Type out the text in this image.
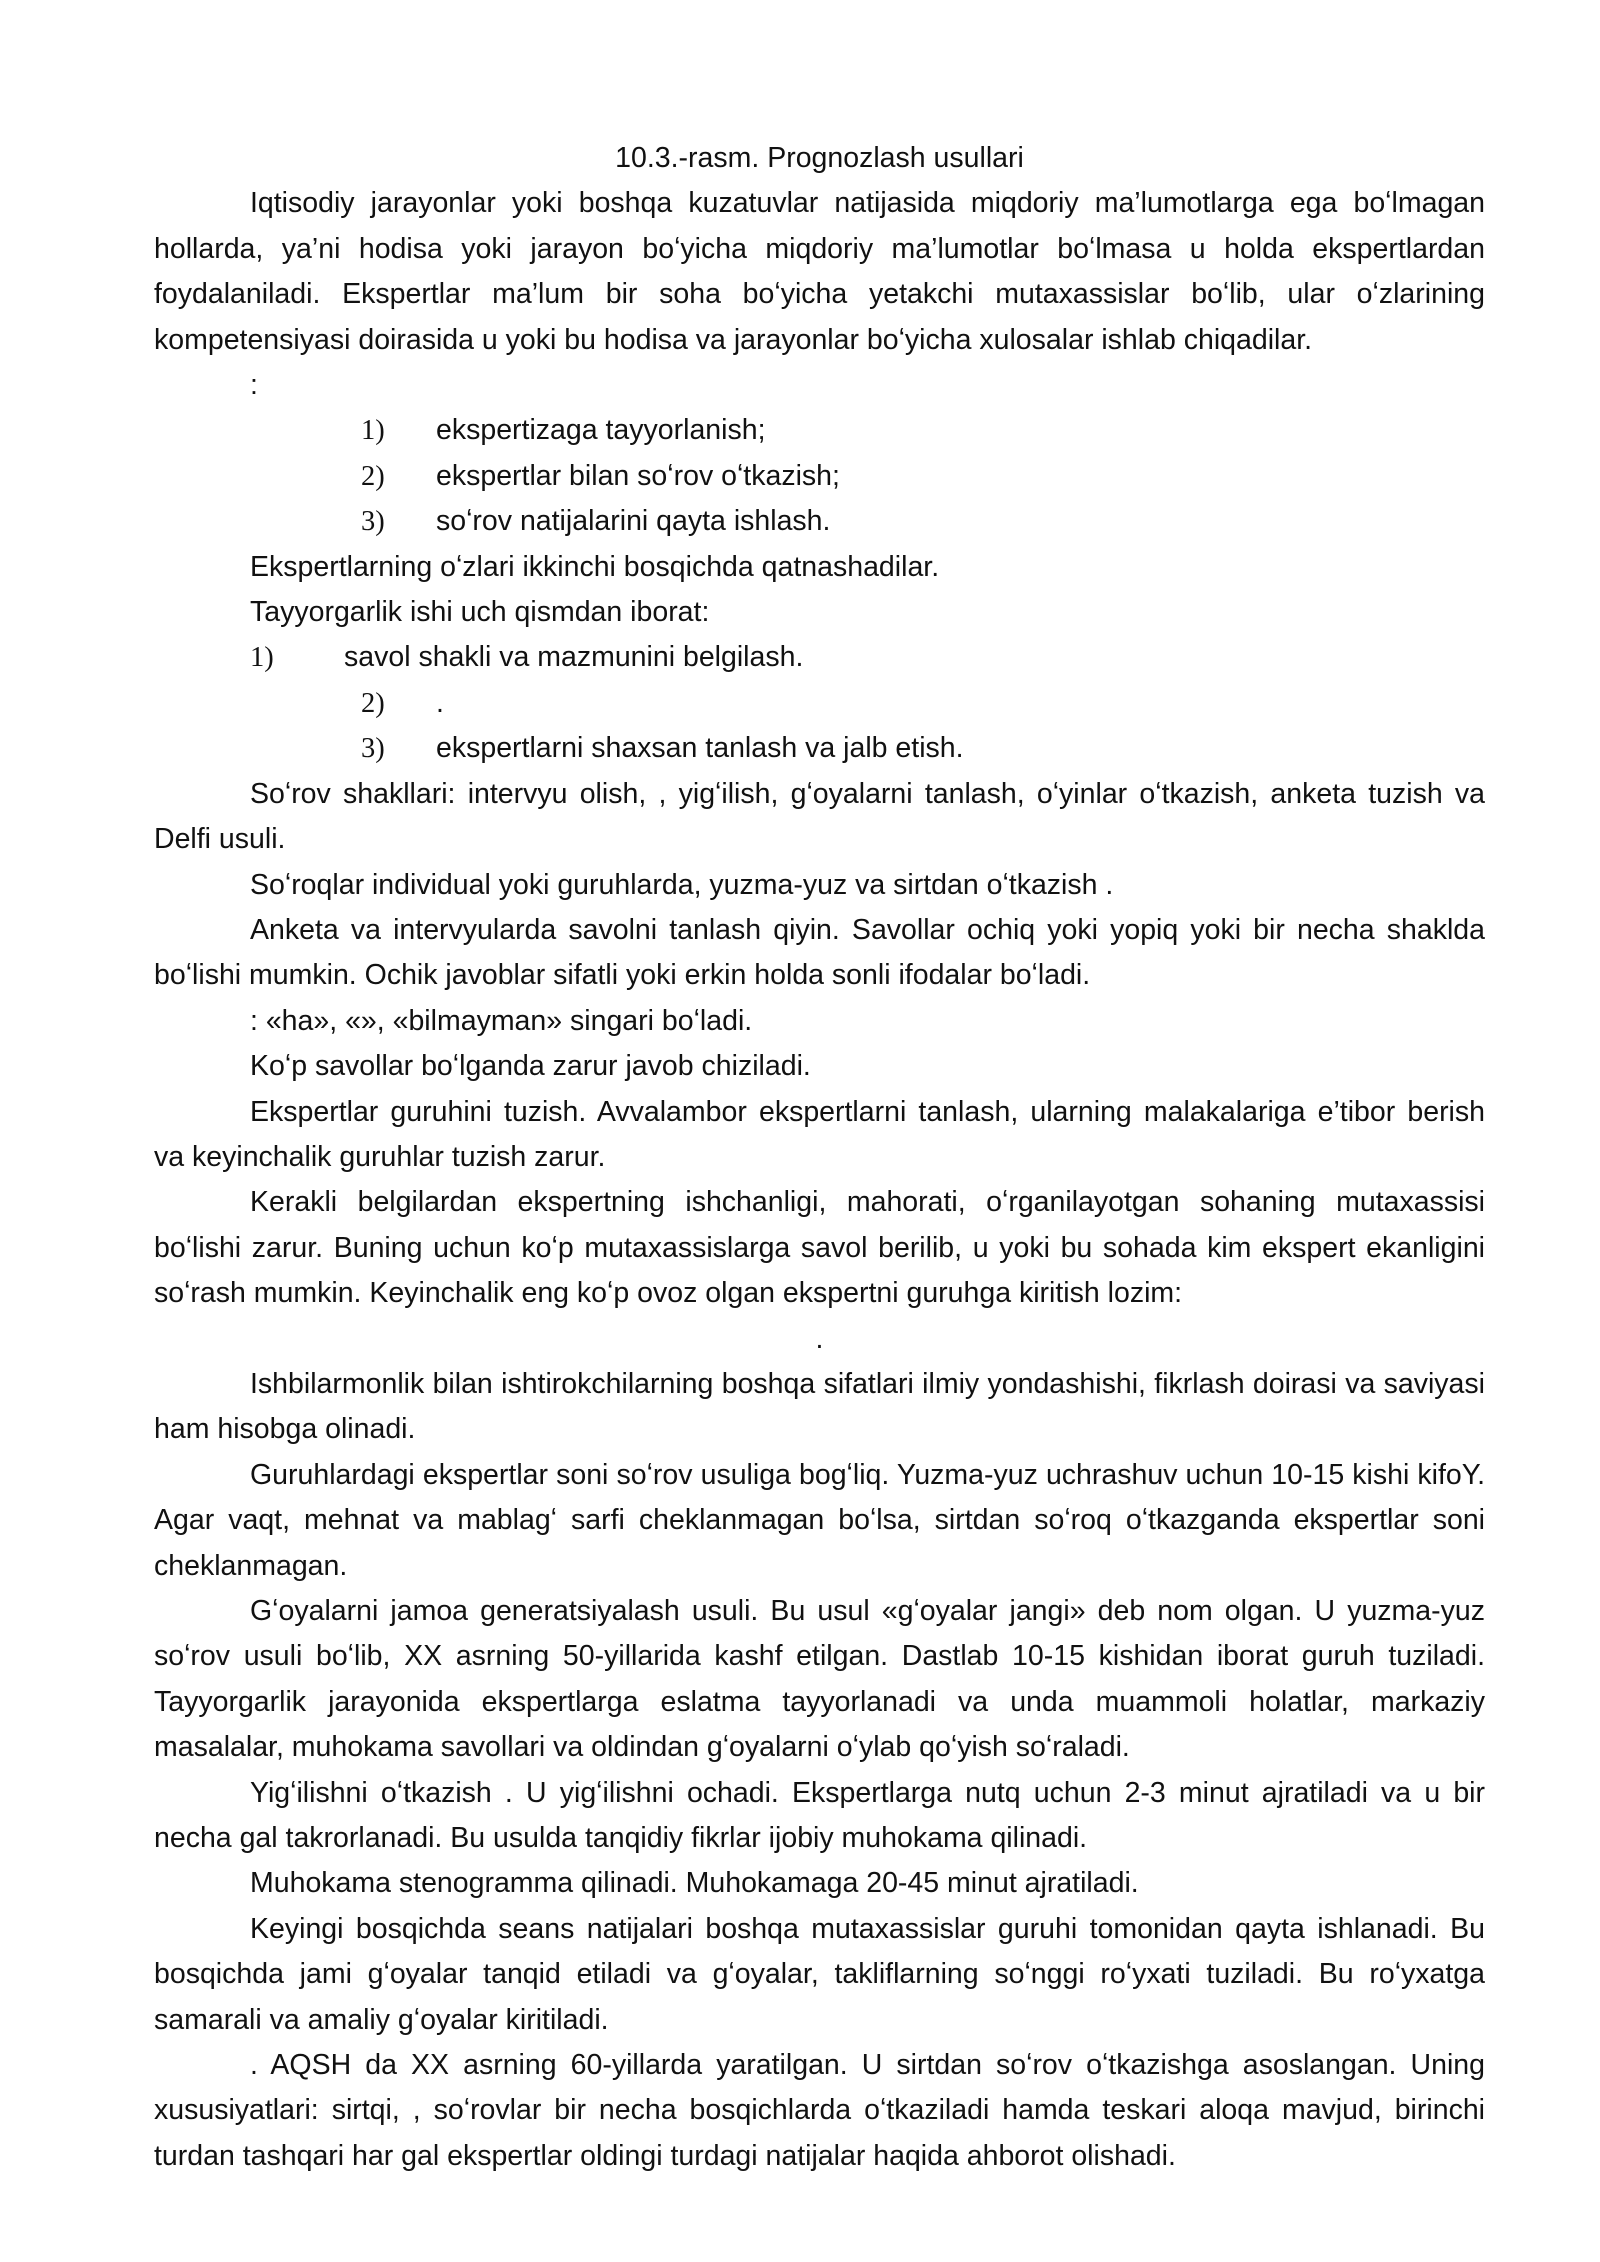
10.3.-rasm. Prognozlash usullari

Iqtisodiy jarayonlar yoki boshqa kuzatuvlar natijasida miqdoriy ma’lumotlarga ega boʻlmagan hollarda, ya’ni hodisa yoki jarayon boʻyicha miqdoriy ma’lumotlar boʻlmasa u holda ekspertlardan foydalaniladi. Ekspertlar ma’lum bir soha boʻyicha yetakchi mutaxassislar boʻlib, ular oʻzlarining kompetensiyasi doirasida u yoki bu hodisa va jarayonlar boʻyicha xulosalar ishlab chiqadilar.

:

1)	ekspertizaga tayyorlanish;
2)	ekspertlar bilan soʻrov oʻtkazish;
3)	soʻrov natijalarini qayta ishlash.

Ekspertlarning oʻzlari ikkinchi bosqichda qatnashadilar.

Tayyorgarlik ishi uch qismdan iborat:

1)	savol shakli va mazmunini belgilash.
2)	.
3)	ekspertlarni shaxsan tanlash va jalb etish.

Soʻrov shakllari: intervyu olish, , yigʻilish, gʻoyalarni tanlash, oʻyinlar oʻtkazish, anketa tuzish va Delfi usuli.

Soʻroqlar individual yoki guruhlarda, yuzma-yuz va sirtdan oʻtkazish .

Anketa va intervyularda savolni tanlash qiyin. Savollar ochiq yoki yopiq yoki bir necha shaklda boʻlishi mumkin. Ochik javoblar sifatli yoki erkin holda sonli ifodalar boʻladi.

: «ha», «», «bilmayman» singari boʻladi.

Koʻp savollar boʻlganda zarur javob chiziladi.

Ekspertlar guruhini tuzish. Avvalambor ekspertlarni tanlash, ularning malakalariga e’tibor berish va keyinchalik guruhlar tuzish zarur.

Kerakli belgilardan ekspertning ishchanligi, mahorati, oʻrganilayotgan sohaning mutaxassisi boʻlishi zarur. Buning uchun koʻp mutaxassislarga savol berilib, u yoki bu sohada kim ekspert ekanligini soʻrash mumkin. Keyinchalik eng koʻp ovoz olgan ekspertni guruhga kiritish lozim:

.

Ishbilarmonlik bilan ishtirokchilarning boshqa sifatlari ilmiy yondashishi, fikrlash doirasi va saviyasi ham hisobga olinadi.

Guruhlardagi ekspertlar soni soʻrov usuliga bogʻliq. Yuzma-yuz uchrashuv uchun 10-15 kishi kifoY. Agar vaqt, mehnat va mablagʻ sarfi cheklanmagan boʻlsa, sirtdan soʻroq oʻtkazganda ekspertlar soni cheklanmagan.

Gʻoyalarni jamoa generatsiyalash usuli. Bu usul «gʻoyalar jangi» deb nom olgan. U yuzma-yuz soʻrov usuli boʻlib, XX asrning 50-yillarida kashf etilgan. Dastlab 10-15 kishidan iborat guruh tuziladi. Tayyorgarlik jarayonida ekspertlarga eslatma tayyorlanadi va unda muammoli holatlar, markaziy masalalar, muhokama savollari va oldindan gʻoyalarni oʻylab qoʻyish soʻraladi.

Yigʻilishni oʻtkazish . U yigʻilishni ochadi. Ekspertlarga nutq uchun 2-3 minut ajratiladi va u bir necha gal takrorlanadi. Bu usulda tanqidiy fikrlar ijobiy muhokama qilinadi.

Muhokama stenogramma qilinadi. Muhokamaga 20-45 minut ajratiladi.

Keyingi bosqichda seans natijalari boshqa mutaxassislar guruhi tomonidan qayta ishlanadi. Bu bosqichda jami gʻoyalar tanqid etiladi va gʻoyalar, takliflarning soʻnggi roʻyxati tuziladi. Bu roʻyxatga samarali va amaliy gʻoyalar kiritiladi.

. AQSH da XX asrning 60-yillarda yaratilgan. U sirtdan soʻrov oʻtkazishga asoslangan. Uning xususiyatlari: sirtqi, , soʻrovlar bir necha bosqichlarda oʻtkaziladi hamda teskari aloqa mavjud, birinchi turdan tashqari har gal ekspertlar oldingi turdagi natijalar haqida ahborot olishadi.
